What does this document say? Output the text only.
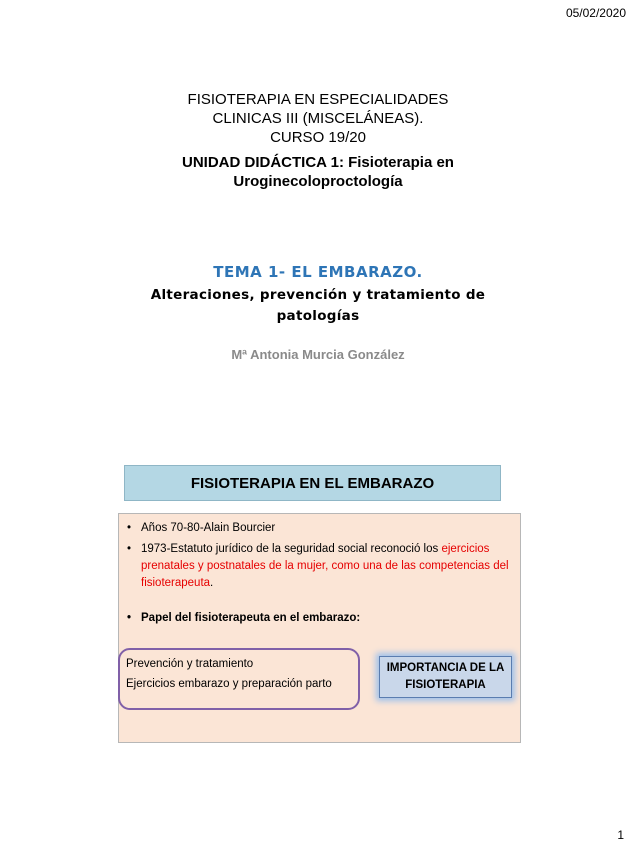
05/02/2020
FISIOTERAPIA EN ESPECIALIDADES
CLINICAS III (MISCELÁNEAS).
CURSO 19/20
UNIDAD DIDÁCTICA 1: Fisioterapia en
Uroginecoloproctología
TEMA 1- EL EMBARAZO.
Alteraciones, prevención y tratamiento de
patologías
Mª Antonia Murcia González
FISIOTERAPIA EN EL EMBARAZO
• Años 70-80-Alain Bourcier
• 1973-Estatuto jurídico de la seguridad social reconoció los ejercicios prenatales y postnatales de la mujer, como una de las competencias del fisioterapeuta.
• Papel del fisioterapeuta en el embarazo:
Prevención y tratamiento
Ejercicios embarazo y preparación parto
IMPORTANCIA DE LA
FISIOTERAPIA
1
